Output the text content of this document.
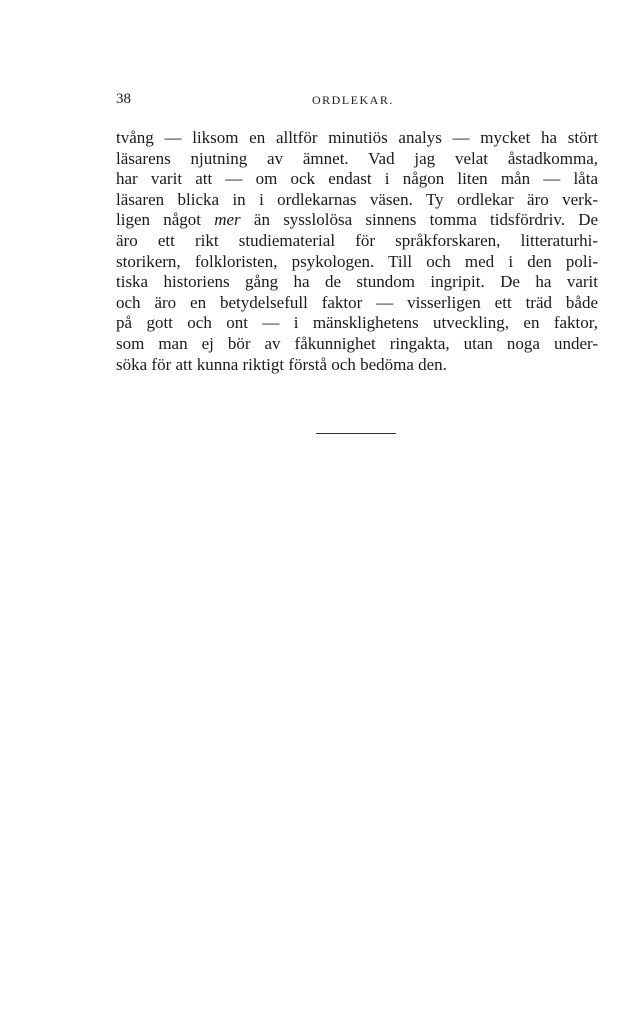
38	ORDLEKAR.
tvång — liksom en alltför minutiös analys — mycket ha stört
läsarens njutning av ämnet. Vad jag velat åstadkomma,
har varit att — om ock endast i någon liten mån — låta
läsaren blicka in i ordlekarnas väsen. Ty ordlekar äro verk-
ligen något mer än sysslolösa sinnens tomma tidsfördriv. De
äro ett rikt studiematerial för språkforskaren, litteraturhi-
storikern, folkloristen, psykologen. Till och med i den poli-
tiska historiens gång ha de stundom ingripit. De ha varit
och äro en betydelsefull faktor — visserligen ett träd både
på gott och ont — i mänsklighetens utveckling, en faktor,
som man ej bör av fåkunnighet ringakta, utan noga under-
söka för att kunna riktigt förstå och bedöma den.
